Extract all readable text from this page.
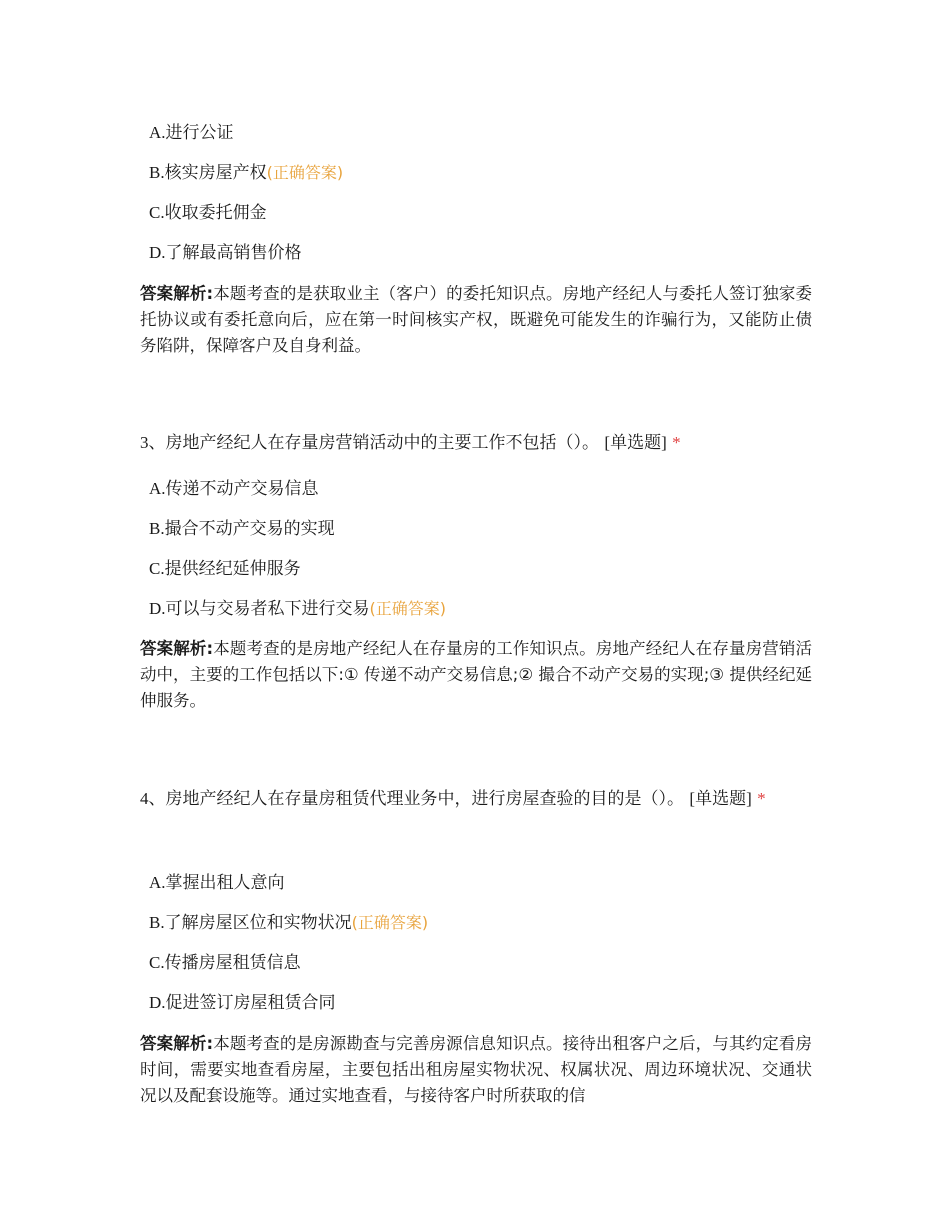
A.进行公证
B.核实房屋产权(正确答案)
C.收取委托佣金
D.了解最高销售价格
答案解析:本题考查的是获取业主（客户）的委托知识点。房地产经纪人与委托人签订独家委托协议或有委托意向后，应在第一时间核实产权，既避免可能发生的诈骗行为，又能防止债务陷阱，保障客户及自身利益。
3、房地产经纪人在存量房营销活动中的主要工作不包括（）。 [单选题] *
A.传递不动产交易信息
B.撮合不动产交易的实现
C.提供经纪延伸服务
D.可以与交易者私下进行交易(正确答案)
答案解析:本题考查的是房地产经纪人在存量房的工作知识点。房地产经纪人在存量房营销活动中，主要的工作包括以下:① 传递不动产交易信息;② 撮合不动产交易的实现;③ 提供经纪延伸服务。
4、房地产经纪人在存量房租赁代理业务中，进行房屋查验的目的是（）。 [单选题] *
A.掌握出租人意向
B.了解房屋区位和实物状况(正确答案)
C.传播房屋租赁信息
D.促进签订房屋租赁合同
答案解析:本题考查的是房源勘查与完善房源信息知识点。接待出租客户之后，与其约定看房时间，需要实地查看房屋，主要包括出租房屋实物状况、权属状况、周边环境状况、交通状况以及配套设施等。通过实地查看，与接待客户时所获取的信
